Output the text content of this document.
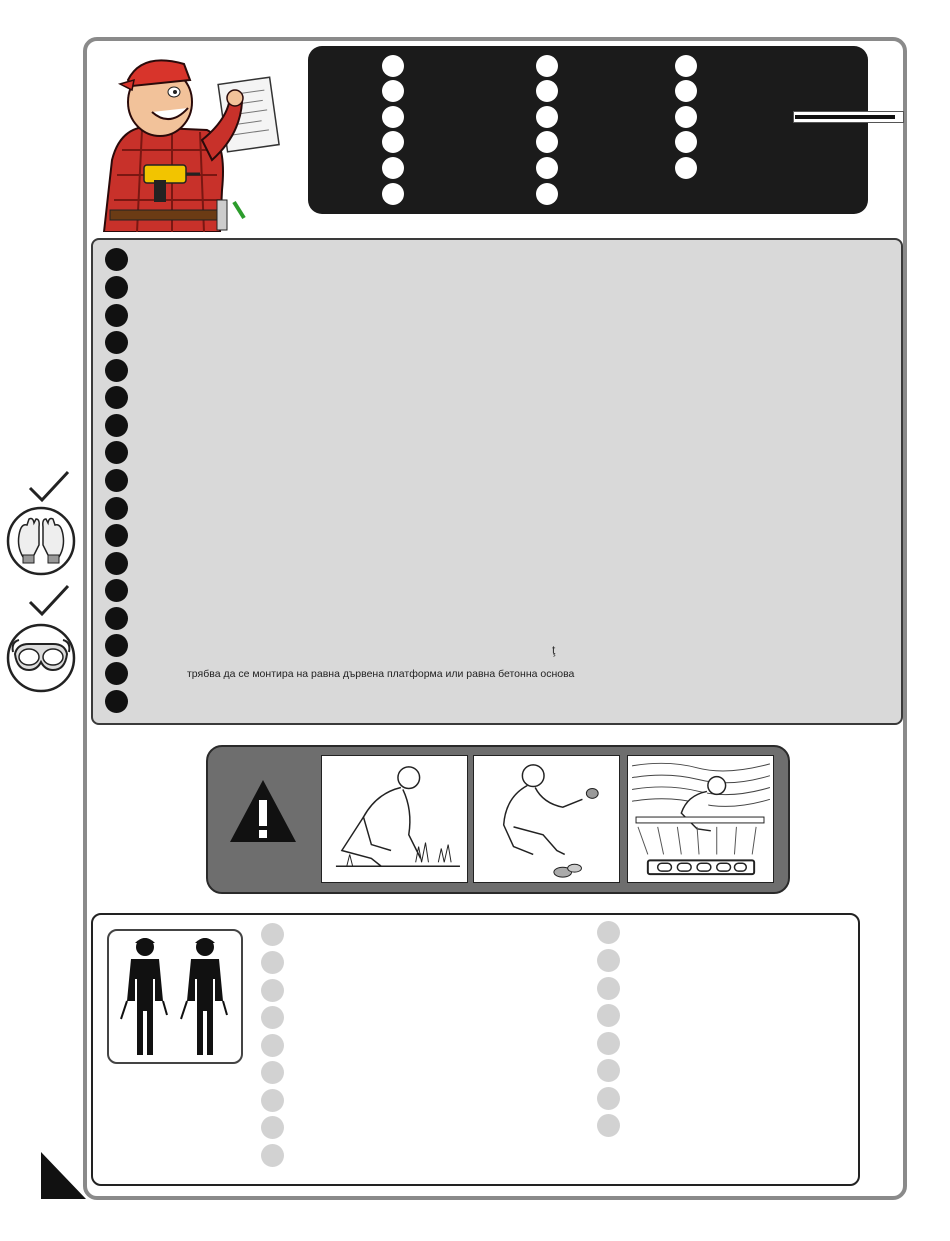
ţ
трябва да се монтира на равна дървена платформа или равна бетонна основа
